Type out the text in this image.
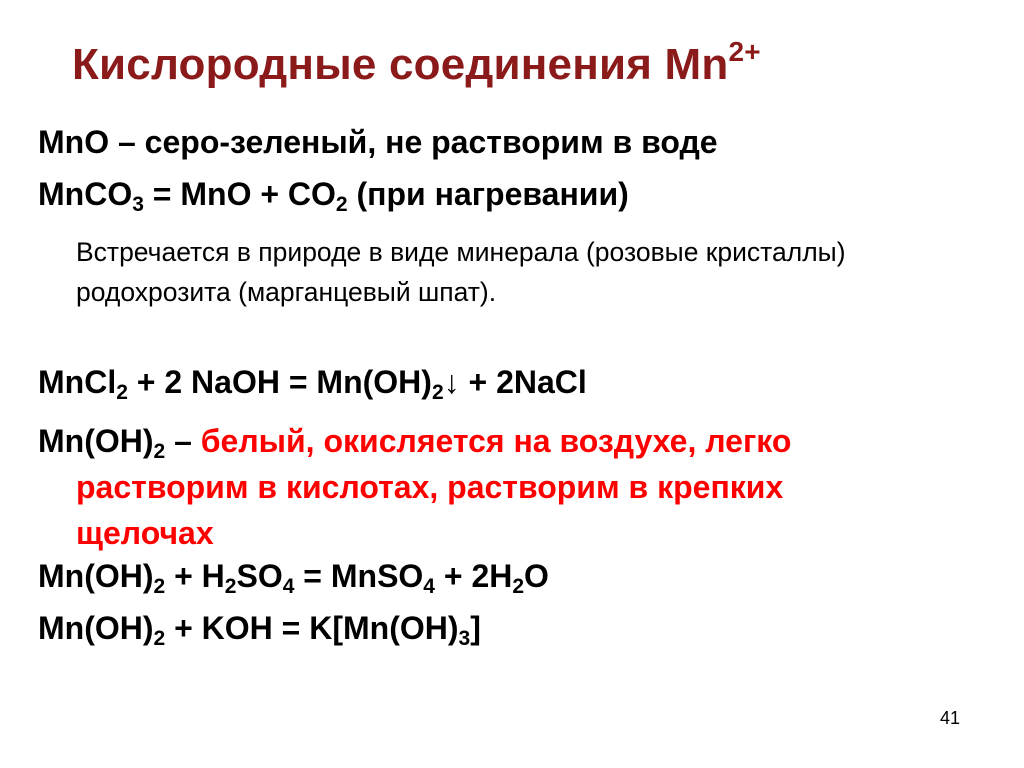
Кислородные соединения $Mn^{2+}$
MnO – серо-зеленый, не растворим в воде
MnCO$_3$ = MnO + $CO_2$ (при нагревании)
Встречается в природе в виде минерала (розовые кристаллы) родохрозита (марганцевый шпат).
MnCl$_2$ + 2 NaOH = $Mn(OH)_2↓$ + 2NaCl
$Mn(OH)_2$ – белый, окисляется на воздухе, легко
растворим в кислотах, растворим в крепких
щелочах
$Mn(OH)_2 + H_2SO_4$ = MnSO$_4$ + $2H_2O$
$Mn(OH)_2$ + KOH = $K[Mn(OH)_3]$
41
